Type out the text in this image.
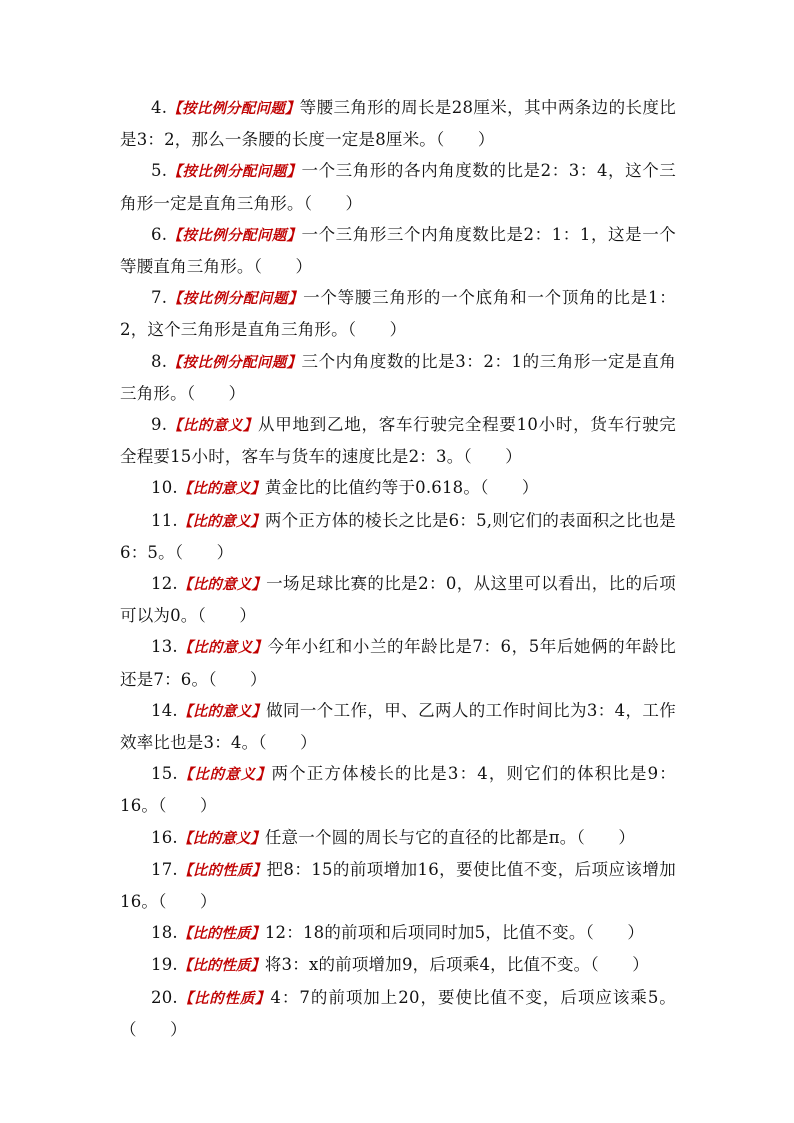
4.【按比例分配问题】等腰三角形的周长是28厘米，其中两条边的长度比是3：2，那么一条腰的长度一定是8厘米。（　　）

5.【按比例分配问题】一个三角形的各内角度数的比是2：3：4，这个三角形一定是直角三角形。（　　）

6.【按比例分配问题】一个三角形三个内角度数比是2：1：1，这是一个等腰直角三角形。（　　）

7.【按比例分配问题】一个等腰三角形的一个底角和一个顶角的比是1：2，这个三角形是直角三角形。（　　）

8.【按比例分配问题】三个内角度数的比是3：2：1的三角形一定是直角三角形。（　　）

9.【比的意义】从甲地到乙地，客车行驶完全程要10小时，货车行驶完全程要15小时，客车与货车的速度比是2：3。（　　）

10.【比的意义】黄金比的比值约等于0.618。（　　）

11.【比的意义】两个正方体的棱长之比是6：5,则它们的表面积之比也是6：5。（　　）

12.【比的意义】一场足球比赛的比是2：0，从这里可以看出，比的后项可以为0。（　　）

13.【比的意义】今年小红和小兰的年龄比是7：6，5年后她俩的年龄比还是7：6。（　　）

14.【比的意义】做同一个工作，甲、乙两人的工作时间比为3：4，工作效率比也是3：4。（　　）

15.【比的意义】两个正方体棱长的比是3：4，则它们的体积比是9：16。（　　）

16.【比的意义】任意一个圆的周长与它的直径的比都是π。（　　）

17.【比的性质】把8：15的前项增加16，要使比值不变，后项应该增加16。（　　）

18.【比的性质】12：18的前项和后项同时加5，比值不变。（　　）

19.【比的性质】将3：x的前项增加9，后项乘4，比值不变。（　　）

20.【比的性质】4：7的前项加上20，要使比值不变，后项应该乘5。（　　）
